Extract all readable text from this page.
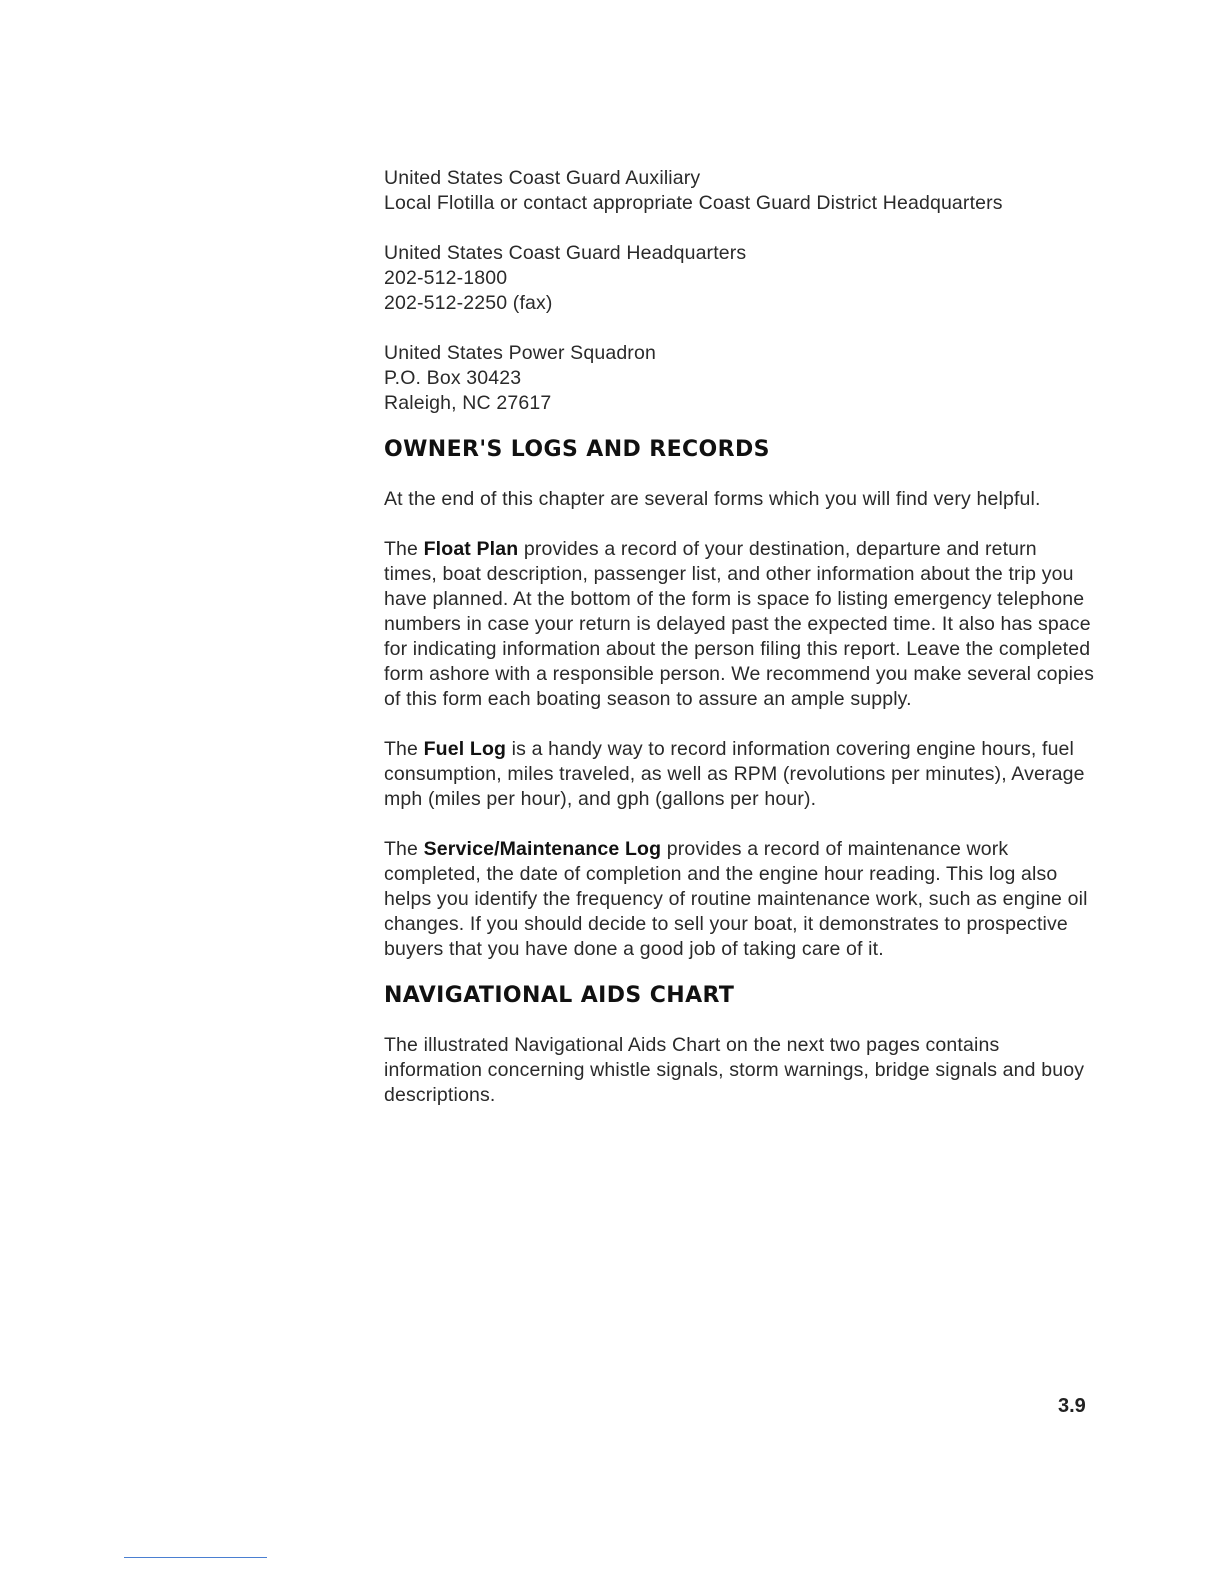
United States Coast Guard Auxiliary
Local Flotilla or contact appropriate Coast Guard District Headquarters
United States Coast Guard Headquarters
202-512-1800
202-512-2250 (fax)
United States Power Squadron
P.O. Box 30423
Raleigh, NC 27617
OWNER'S LOGS AND RECORDS

At the end of this chapter are several forms which you will find very helpful.

The Float Plan provides a record of your destination, departure and return times, boat description, passenger list, and other information about the trip you have planned. At the bottom of the form is space fo listing emergency telephone numbers in case your return is delayed past the expected time. It also has space for indicating information about the person filing this report. Leave the completed form ashore with a responsible person. We recommend you make several copies of this form each boating season to assure an ample supply.

The Fuel Log is a handy way to record information covering engine hours, fuel consumption, miles traveled, as well as RPM (revolutions per minutes), Average mph (miles per hour), and gph (gallons per hour).

The Service/Maintenance Log provides a record of maintenance work completed, the date of completion and the engine hour reading. This log also helps you identify the frequency of routine maintenance work, such as engine oil changes. If you should decide to sell your boat, it demonstrates to prospective buyers that you have done a good job of taking care of it.

NAVIGATIONAL AIDS CHART

The illustrated Navigational Aids Chart on the next two pages contains information concerning whistle signals, storm warnings, bridge signals and buoy descriptions.

3.9
